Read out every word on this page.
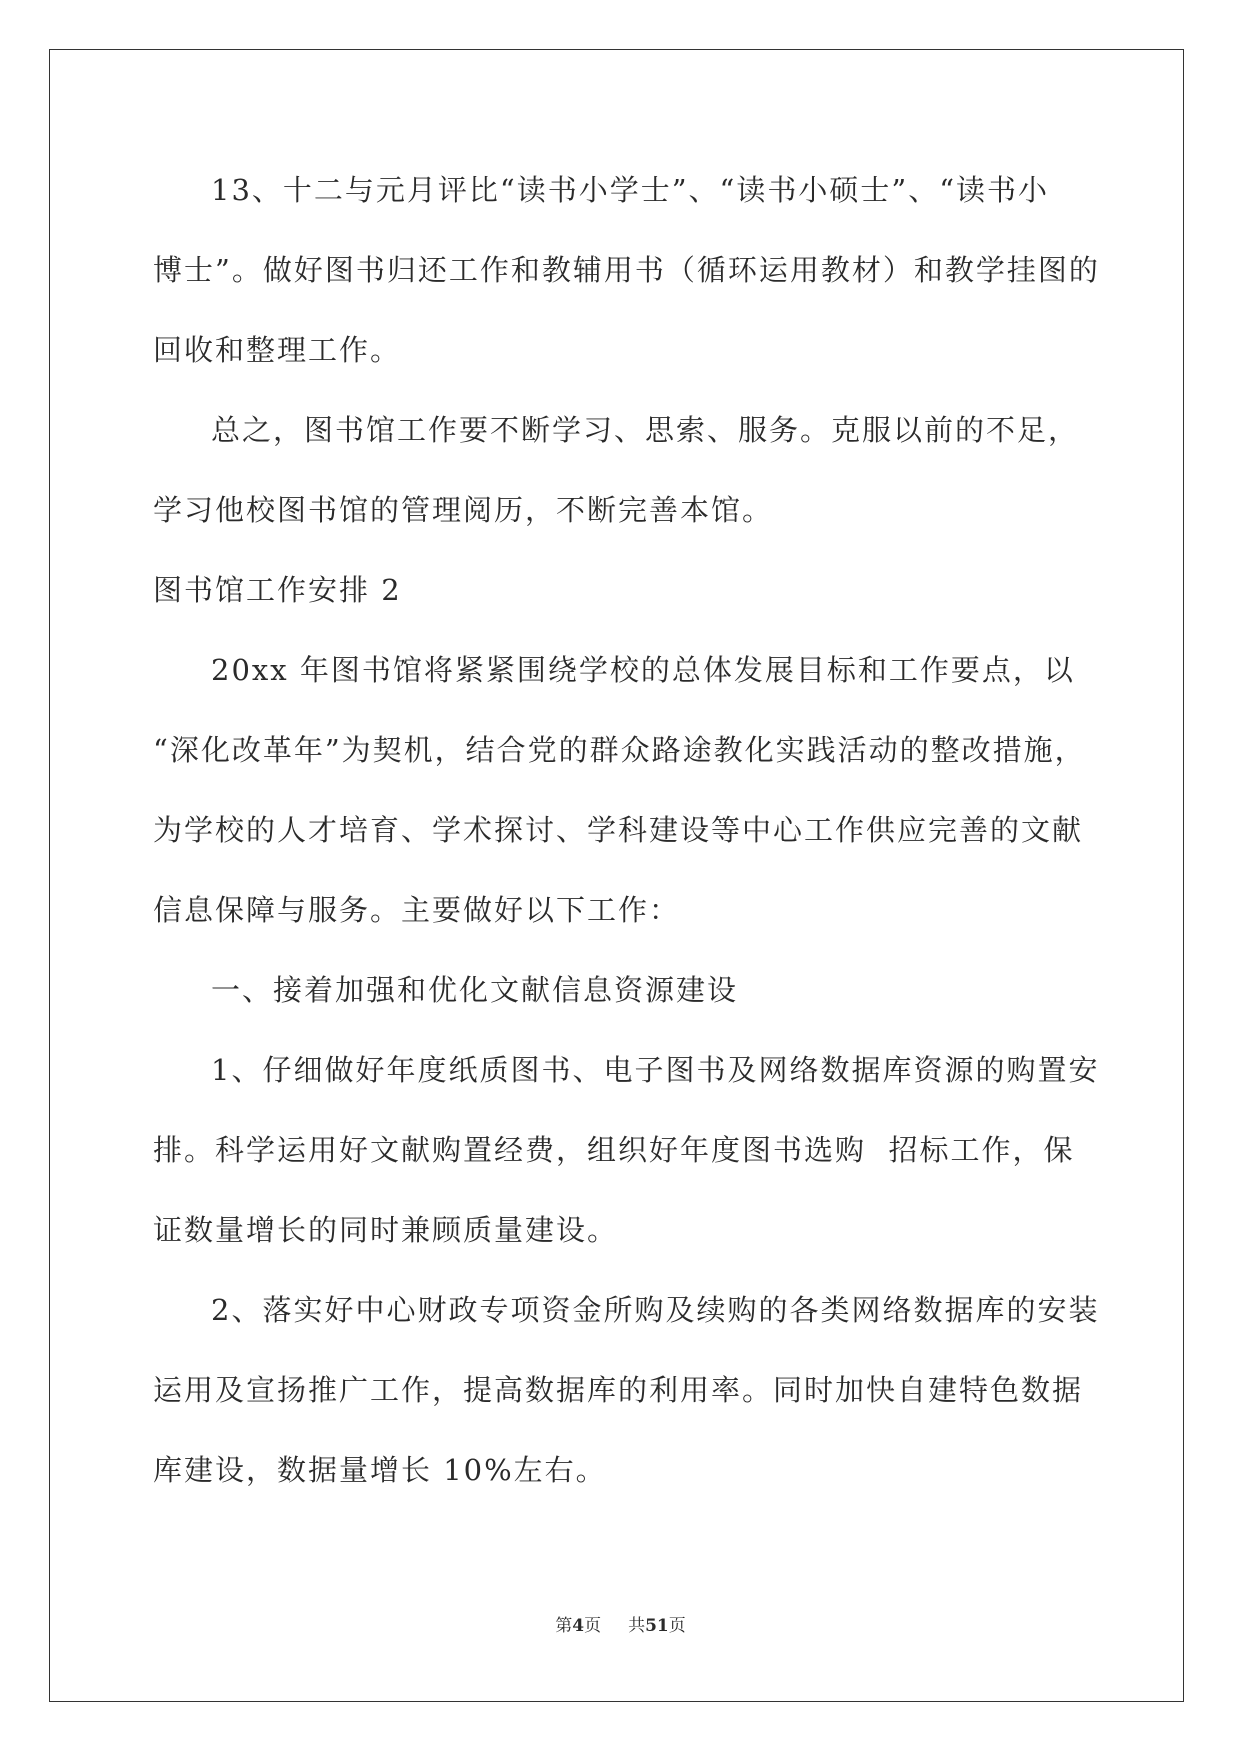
13、十二与元月评比“读书小学士”、“读书小硕士”、“读书小

博士”。做好图书归还工作和教辅用书（循环运用教材）和教学挂图的

回收和整理工作。

总之，图书馆工作要不断学习、思索、服务。克服以前的不足，

学习他校图书馆的管理阅历，不断完善本馆。

图书馆工作安排 2

20xx 年图书馆将紧紧围绕学校的总体发展目标和工作要点，以

“深化改革年”为契机，结合党的群众路途教化实践活动的整改措施，

为学校的人才培育、学术探讨、学科建设等中心工作供应完善的文献

信息保障与服务。主要做好以下工作：

一、接着加强和优化文献信息资源建设

1、仔细做好年度纸质图书、电子图书及网络数据库资源的购置安

排。科学运用好文献购置经费，组织好年度图书选购  招标工作，保

证数量增长的同时兼顾质量建设。

2、落实好中心财政专项资金所购及续购的各类网络数据库的安装

运用及宣扬推广工作，提高数据库的利用率。同时加快自建特色数据

库建设，数据量增长 10%左右。

第4页 共51页
